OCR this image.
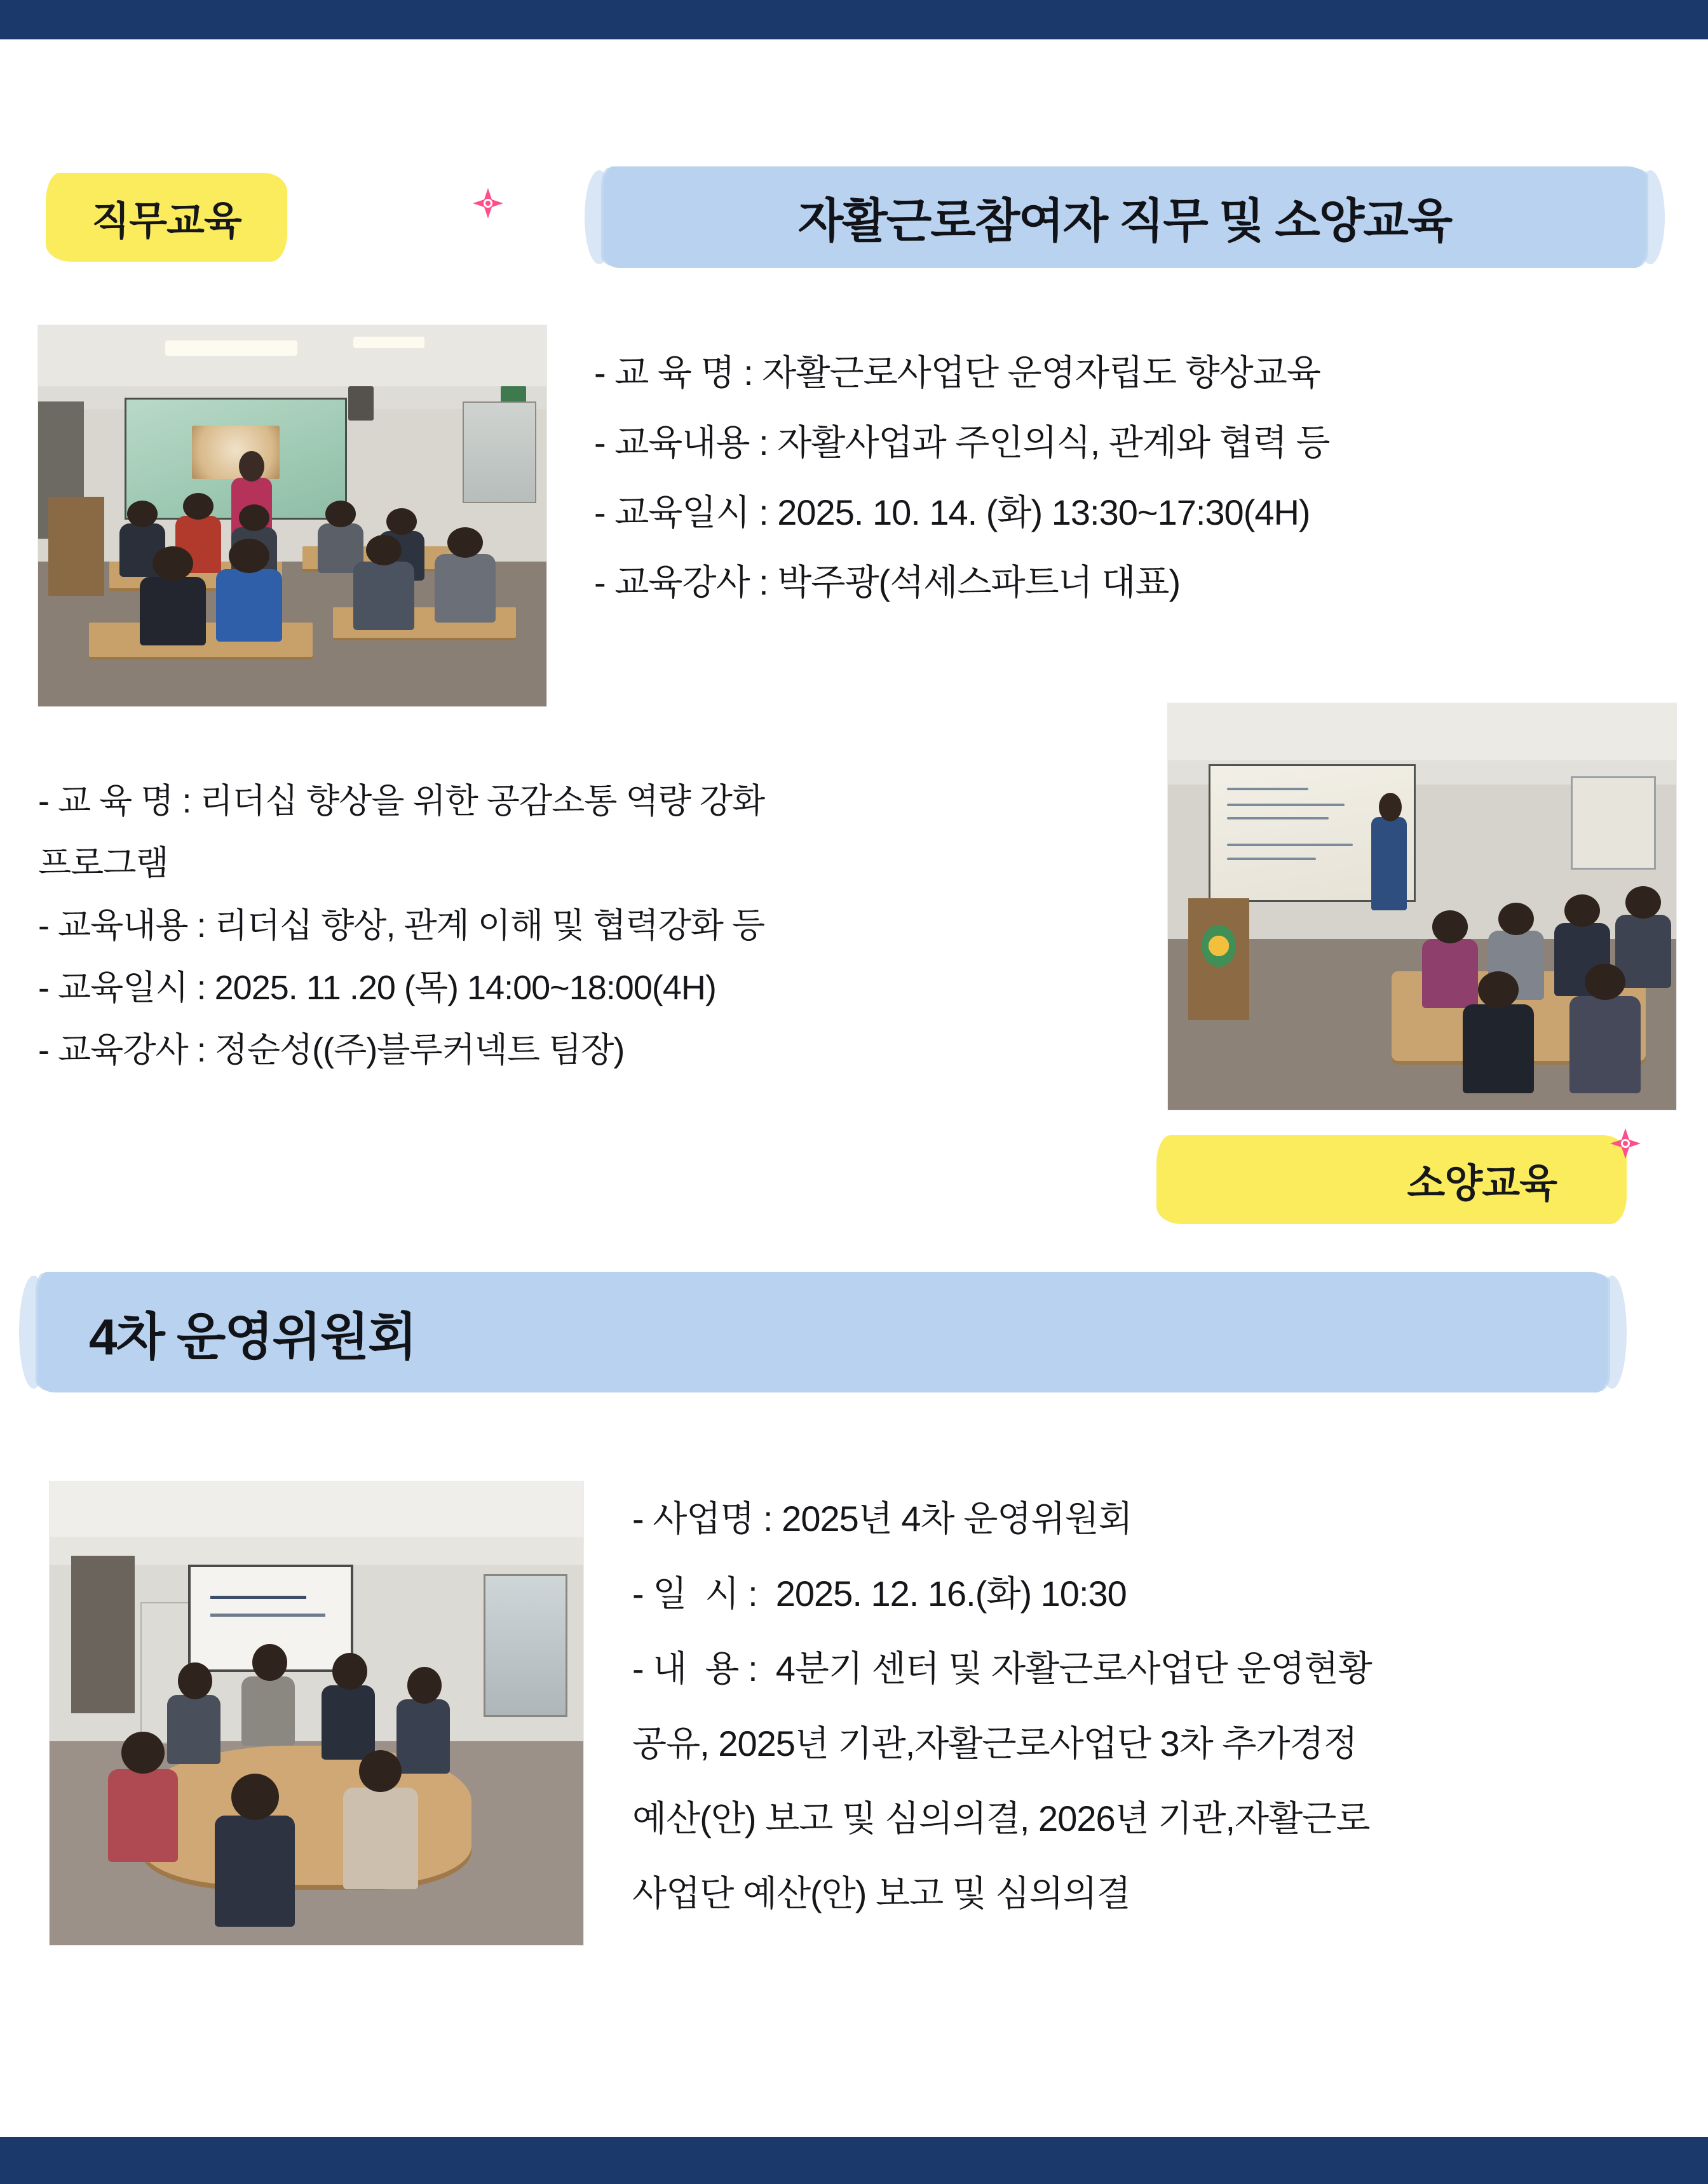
직무교육	자활근로참여자 직무 및 소양교육
- 교 육 명 : 자활근로사업단 운영자립도 향상교육
- 교육내용 : 자활사업과 주인의식, 관계와 협력 등
- 교육일시 : 2025. 10. 14. (화) 13:30~17:30(4H)
- 교육강사 : 박주광(석세스파트너 대표)
- 교 육 명 : 리더십 향상을 위한 공감소통 역량 강화
프로그램
- 교육내용 : 리더십 향상, 관계 이해 및 협력강화 등
- 교육일시 : 2025. 11 .20 (목) 14:00~18:00(4H)
- 교육강사 : 정순성((주)블루커넥트 팀장)
소양교육
4차 운영위원회
- 사업명 : 2025년 4차 운영위원회
- 일  시 :  2025. 12. 16.(화) 10:30
- 내  용 :  4분기 센터 및 자활근로사업단 운영현황
공유, 2025년 기관,자활근로사업단 3차 추가경정
예산(안) 보고 및 심의의결, 2026년 기관,자활근로
사업단 예산(안) 보고 및 심의의결
